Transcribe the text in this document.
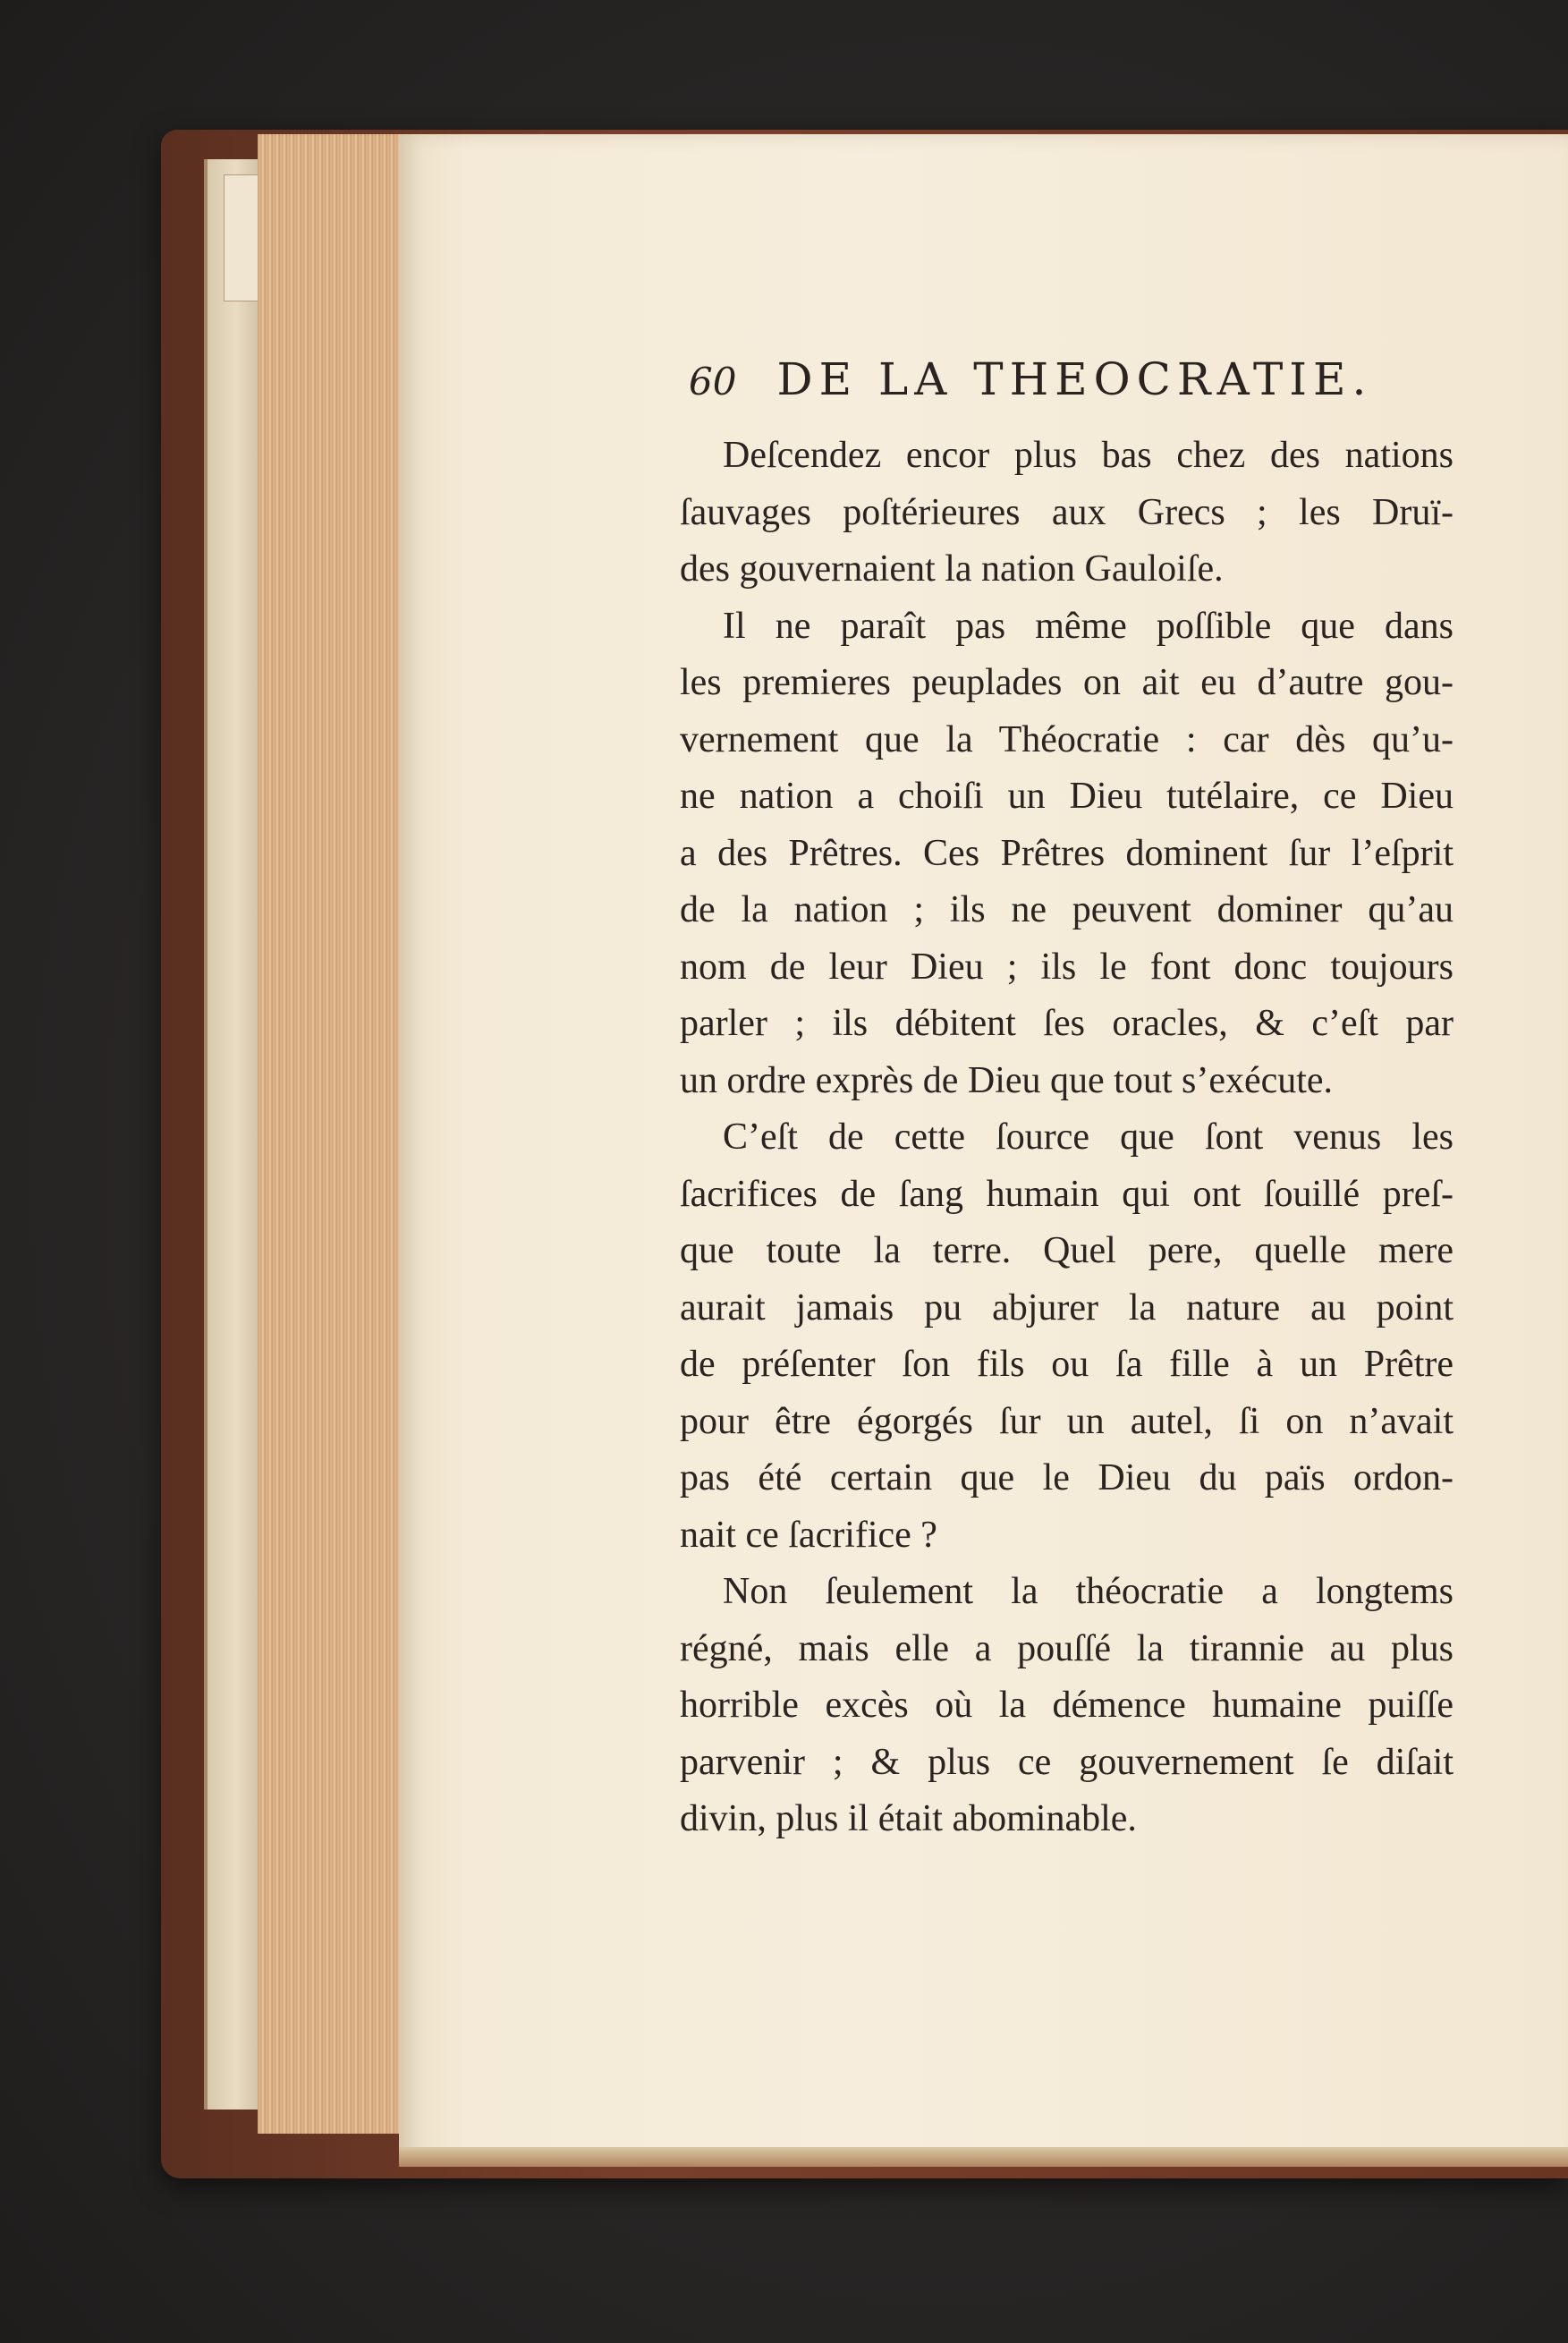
60 DE LA THEOCRATIE.

Deſcendez encor plus bas chez des nations
ſauvages poſtérieures aux Grecs ; les Druï-
des gouvernaient la nation Gauloiſe.

Il ne paraît pas même poſſible que dans
les premieres peuplades on ait eu d’autre gou-
vernement que la Théocratie : car dès qu’u-
ne nation a choiſi un Dieu tutélaire, ce Dieu
a des Prêtres. Ces Prêtres dominent ſur l’eſprit
de la nation ; ils ne peuvent dominer qu’au
nom de leur Dieu ; ils le font donc toujours
parler ; ils débitent ſes oracles, & c’eſt par
un ordre exprès de Dieu que tout s’exécute.

C’eſt de cette ſource que ſont venus les
ſacrifices de ſang humain qui ont ſouillé preſ-
que toute la terre. Quel pere, quelle mere
aurait jamais pu abjurer la nature au point
de préſenter ſon fils ou ſa fille à un Prêtre
pour être égorgés ſur un autel, ſi on n’avait
pas été certain que le Dieu du païs ordon-
nait ce ſacrifice ?

Non ſeulement la théocratie a longtems
régné, mais elle a pouſſé la tirannie au plus
horrible excès où la démence humaine puiſſe
parvenir ; & plus ce gouvernement ſe diſait
divin, plus il était abominable.
